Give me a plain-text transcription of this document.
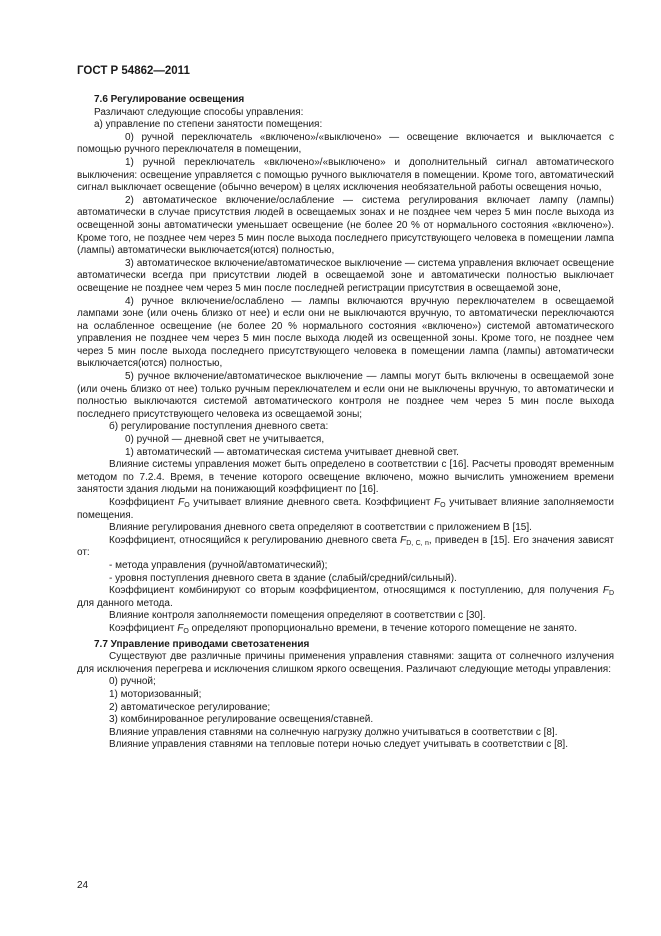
ГОСТ Р 54862—2011

7.6 Регулирование освещения

Различают следующие способы управления:

а) управление по степени занятости помещения:

0) ручной переключатель «включено»/«выключено» — освещение включается и выключается с помощью ручного переключателя в помещении,

1) ручной переключатель «включено»/«выключено» и дополнительный сигнал автоматического выключения: освещение управляется с помощью ручного выключателя в помещении. Кроме того, автоматический сигнал выключает освещение (обычно вечером) в целях исключения необязательной работы освещения ночью,

2) автоматическое включение/ослабление — система регулирования включает лампу (лампы) автоматически в случае присутствия людей в освещаемых зонах и не позднее чем через 5 мин после выхода из освещенной зоны автоматически уменьшает освещение (не более 20 % от нормального состояния «включено»). Кроме того, не позднее чем через 5 мин после выхода последнего присутствующего человека в помещении лампа (лампы) автоматически выключается(ются) полностью,

3) автоматическое включение/автоматическое выключение — система управления включает освещение автоматически всегда при присутствии людей в освещаемой зоне и автоматически полностью выключает освещение не позднее чем через 5 мин после последней регистрации присутствия в освещаемой зоне,

4) ручное включение/ослаблено — лампы включаются вручную переключателем в освещаемой лампами зоне (или очень близко от нее) и если они не выключаются вручную, то автоматически переключаются на ослабленное освещение (не более 20 % нормального состояния «включено») системой автоматического управления не позднее чем через 5 мин после выхода людей из освещенной зоны. Кроме того, не позднее чем через 5 мин после выхода последнего присутствующего человека в помещении лампа (лампы) автоматически выключается(ются) полностью,

5) ручное включение/автоматическое выключение — лампы могут быть включены в освещаемой зоне (или очень близко от нее) только ручным переключателем и если они не выключены вручную, то автоматически и полностью выключаются системой автоматического контроля не позднее чем через 5 мин после выхода последнего присутствующего человека из освещаемой зоны;

б) регулирование поступления дневного света:

0) ручной — дневной свет не учитывается,

1) автоматический — автоматическая система учитывает дневной свет.

Влияние системы управления может быть определено в соответствии с [16]. Расчеты проводят временным методом по 7.2.4. Время, в течение которого освещение включено, можно вычислить умножением времени занятости здания людьми на понижающий коэффициент по [16].

Коэффициент $F_O$ учитывает влияние дневного света. Коэффициент $F_O$ учитывает влияние заполняемости помещения.

Влияние регулирования дневного света определяют в соответствии с приложением В [15].

Коэффициент, относящийся к регулированию дневного света $F_{D, C, n}$, приведен в [15]. Его значения зависят от:

- метода управления (ручной/автоматический);

- уровня поступления дневного света в здание (слабый/средний/сильный).

Коэффициент комбинируют со вторым коэффициентом, относящимся к поступлению, для получения $F_D$ для данного метода.

Влияние контроля заполняемости помещения определяют в соответствии с [30].

Коэффициент $F_O$ определяют пропорционально времени, в течение которого помещение не занято.

7.7 Управление приводами светозатенения

Существуют две различные причины применения управления ставнями: защита от солнечного излучения для исключения перегрева и исключения слишком яркого освещения. Различают следующие методы управления:

0) ручной;

1) моторизованный;

2) автоматическое регулирование;

3) комбинированное регулирование освещения/ставней.

Влияние управления ставнями на солнечную нагрузку должно учитываться в соответствии с [8].

Влияние управления ставнями на тепловые потери ночью следует учитывать в соответствии с [8].

24
